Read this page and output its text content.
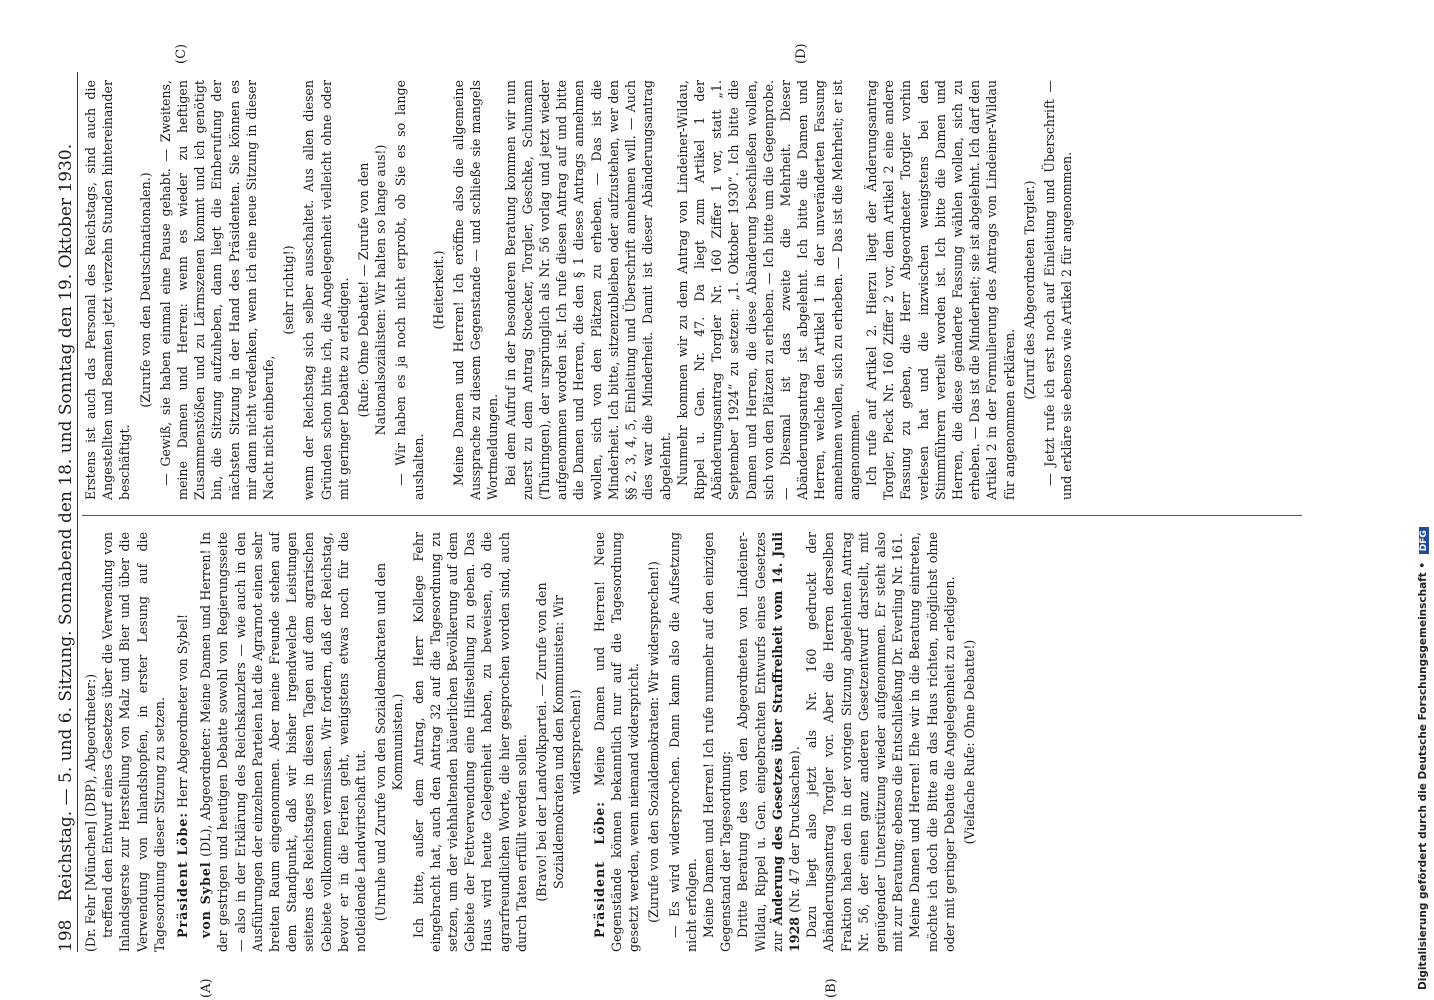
198
Reichstag. — 5. und 6. Sitzung. Sonnabend den 18. und Sonntag den 19. Oktober 1930. (Dr. Fehr [München] (DBP), Abgeordneter:) treffend den Entwurf eines Gesetzes über die Verwendung von Inlandsgerste zur Herstellung von Malz und Bier und über die Verwendung von Inlandshopfen, in erster Lesung auf die Tagesordnung dieser Sitzung zu setzen. Präsident Löbe: Herr Abgeordneter von Sybel!

von Sybel (DL), Abgeordneter: Meine Damen und Herren! In der gestrigen und heutigen Debatte sowohl von Regierungsseite — also in der Erklärung des Reichskanzlers — wie auch in den Ausführungen der einzelnen Parteien hat die Agrarnot einen sehr breiten Raum eingenommen. Aber meine Freunde stehen auf dem Standpunkt, daß wir bisher irgendwelche Leistungen seitens des Reichstages in diesen Tagen auf dem agrarischen Gebiete vollkommen vermissen. Wir fordern, daß der Reichstag, bevor er in die Ferien geht, wenigstens etwas noch für die notleidende Landwirtschaft tut. (Unruhe und Zurufe von den Sozialdemokraten und den Kommunisten.) Ich bitte, außer dem Antrag, den Herr Kollege Fehr eingebracht hat, auch den Antrag 32 auf die Tagesordnung zu setzen, um der viehhaltenden bäuerlichen Bevölkerung auf dem Gebiete der Fettverwendung eine Hilfestellung zu geben. Das Haus wird heute Gelegenheit haben, zu beweisen, ob die agrarfreundlichen Worte, die hier gesprochen worden sind, auch durch Taten erfüllt werden sollen. (Bravo! bei der Landvolkpartei. — Zurufe von den Sozialdemokraten und den Kommunisten: Wir widersprechen!)

Präsident Löbe: Meine Damen und Herren! Neue Gegenstände können bekanntlich nur auf die Tagesordnung gesetzt werden, wenn niemand widerspricht. (Zurufe von den Sozialdemokraten: Wir widersprechen!) — Es wird widersprochen. Dann kann also die Aufsetzung nicht erfolgen. Meine Damen und Herren! Ich rufe nunmehr auf den einzigen Gegenstand der Tagesordnung: Dritte Beratung des von den Abgeordneten von Lindeiner-Wildau, Rippel u. Gen. eingebrachten Entwurfs eines Gesetzes zur Änderung des Gesetzes über Straffreiheit vom 14. Juli 1928 (Nr. 47 der Drucksachen). Dazu liegt also jetzt als Nr. 160 gedruckt der Abänderungsantrag Torgler vor. Aber die Herren derselben Fraktion haben den in der vorigen Sitzung abgelehnten Antrag Nr. 56, der einen ganz anderen Gesetzentwurf darstellt, mit genügender Unterstützung wieder aufgenommen. Er steht also mit zur Beratung; ebenso die Entschließung Dr. Everling Nr. 161. Meine Damen und Herren! Ehe wir in die Beratung eintreten, möchte ich doch die Bitte an das Haus richten, möglichst ohne oder mit geringer Debatte die Angelegenheit zu erledigen. (Vielfache Rufe: Ohne Debatte!)

Erstens ist auch das Personal des Reichstags, sind auch die Angestellten und Beamten jetzt vierzehn Stunden hintereinander beschäftigt.

(Zurufe von den Deutschnationalen.) — Gewiß, sie haben einmal eine Pause gehabt. — Zweitens, meine Damen und Herren: wenn es wieder zu heftigen Zusammenstößen und zu Lärmszenen kommt und ich genötigt bin, die Sitzung aufzuheben, dann liegt die Einberufung der nächsten Sitzung in der Hand des Präsidenten. Sie können es mir dann nicht verdenken, wenn ich eine neue Sitzung in dieser Nacht nicht einberufe,

(sehr richtig!) wenn der Reichstag sich selber ausschaltet. Aus allen diesen Gründen schon bitte ich, die Angelegenheit vielleicht ohne oder mit geringer Debatte zu erledigen. (Rufe: Ohne Debatte! — Zurufe von den Nationalsozialisten: Wir halten so lange aus!) — Wir haben es ja noch nicht erprobt, ob Sie es so lange aushalten.

(Heiterkeit.) Meine Damen und Herren! Ich eröffne also die allgemeine Aussprache zu diesem Gegenstande — und schließe sie mangels Wortmeldungen. Bei dem Aufruf in der besonderen Beratung kommen wir nun zuerst zu dem Antrag Stoecker, Torgler, Geschke, Schumann (Thüringen), der ursprünglich als Nr. 56 vorlag und jetzt wieder aufgenommen worden ist. Ich rufe diesen Antrag auf und bitte die Damen und Herren, die den § 1 dieses Antrags annehmen wollen, sich von den Plätzen zu erheben. — Das ist die Minderheit. Ich bitte, sitzenzubleiben oder aufzustehen, wer den §§ 2, 3, 4, 5, Einleitung und Überschrift annehmen will. — Auch dies war die Minderheit. Damit ist dieser Abänderungsantrag abgelehnt. Nunmehr kommen wir zu dem Antrag von Lindeiner-Wildau, Rippel u. Gen. Nr. 47. Da liegt zum Artikel 1 der Abänderungsantrag Torgler Nr. 160 Ziffer 1 vor, statt „1. September 1924“ zu setzen: „1. Oktober 1930“. Ich bitte die Damen und Herren, die diese Abänderung beschließen wollen, sich von den Plätzen zu erheben. — Ich bitte um die Gegenprobe. — Diesmal ist das zweite die Mehrheit. Dieser Abänderungsantrag ist abgelehnt. Ich bitte die Damen und Herren, welche den Artikel 1 in der unveränderten Fassung annehmen wollen, sich zu erheben. — Das ist die Mehrheit; er ist angenommen. Ich rufe auf Artikel 2. Hierzu liegt der Änderungsantrag Torgler, Pieck Nr. 160 Ziffer 2 vor, dem Artikel 2 eine andere Fassung zu geben, die Herr Abgeordneter Torgler vorhin verlesen hat und die inzwischen wenigstens bei den Stimmführern verteilt worden ist. Ich bitte die Damen und Herren, die diese geänderte Fassung wählen wollen, sich zu erheben. — Das ist die Minderheit; sie ist abgelehnt. Ich darf den Artikel 2 in der Formulierung des Antrags von Lindeiner-Wildau für angenommen erklären.

(Zuruf des Abgeordneten Torgler.) — Jetzt rufe ich erst noch auf Einleitung und Überschrift — und erkläre sie ebenso wie Artikel 2 für angenommen.

(A)	(B)
(C)	(D)
Digitalisierung gefördert durch die Deutsche Forschungsgemeinschaft • DFG
